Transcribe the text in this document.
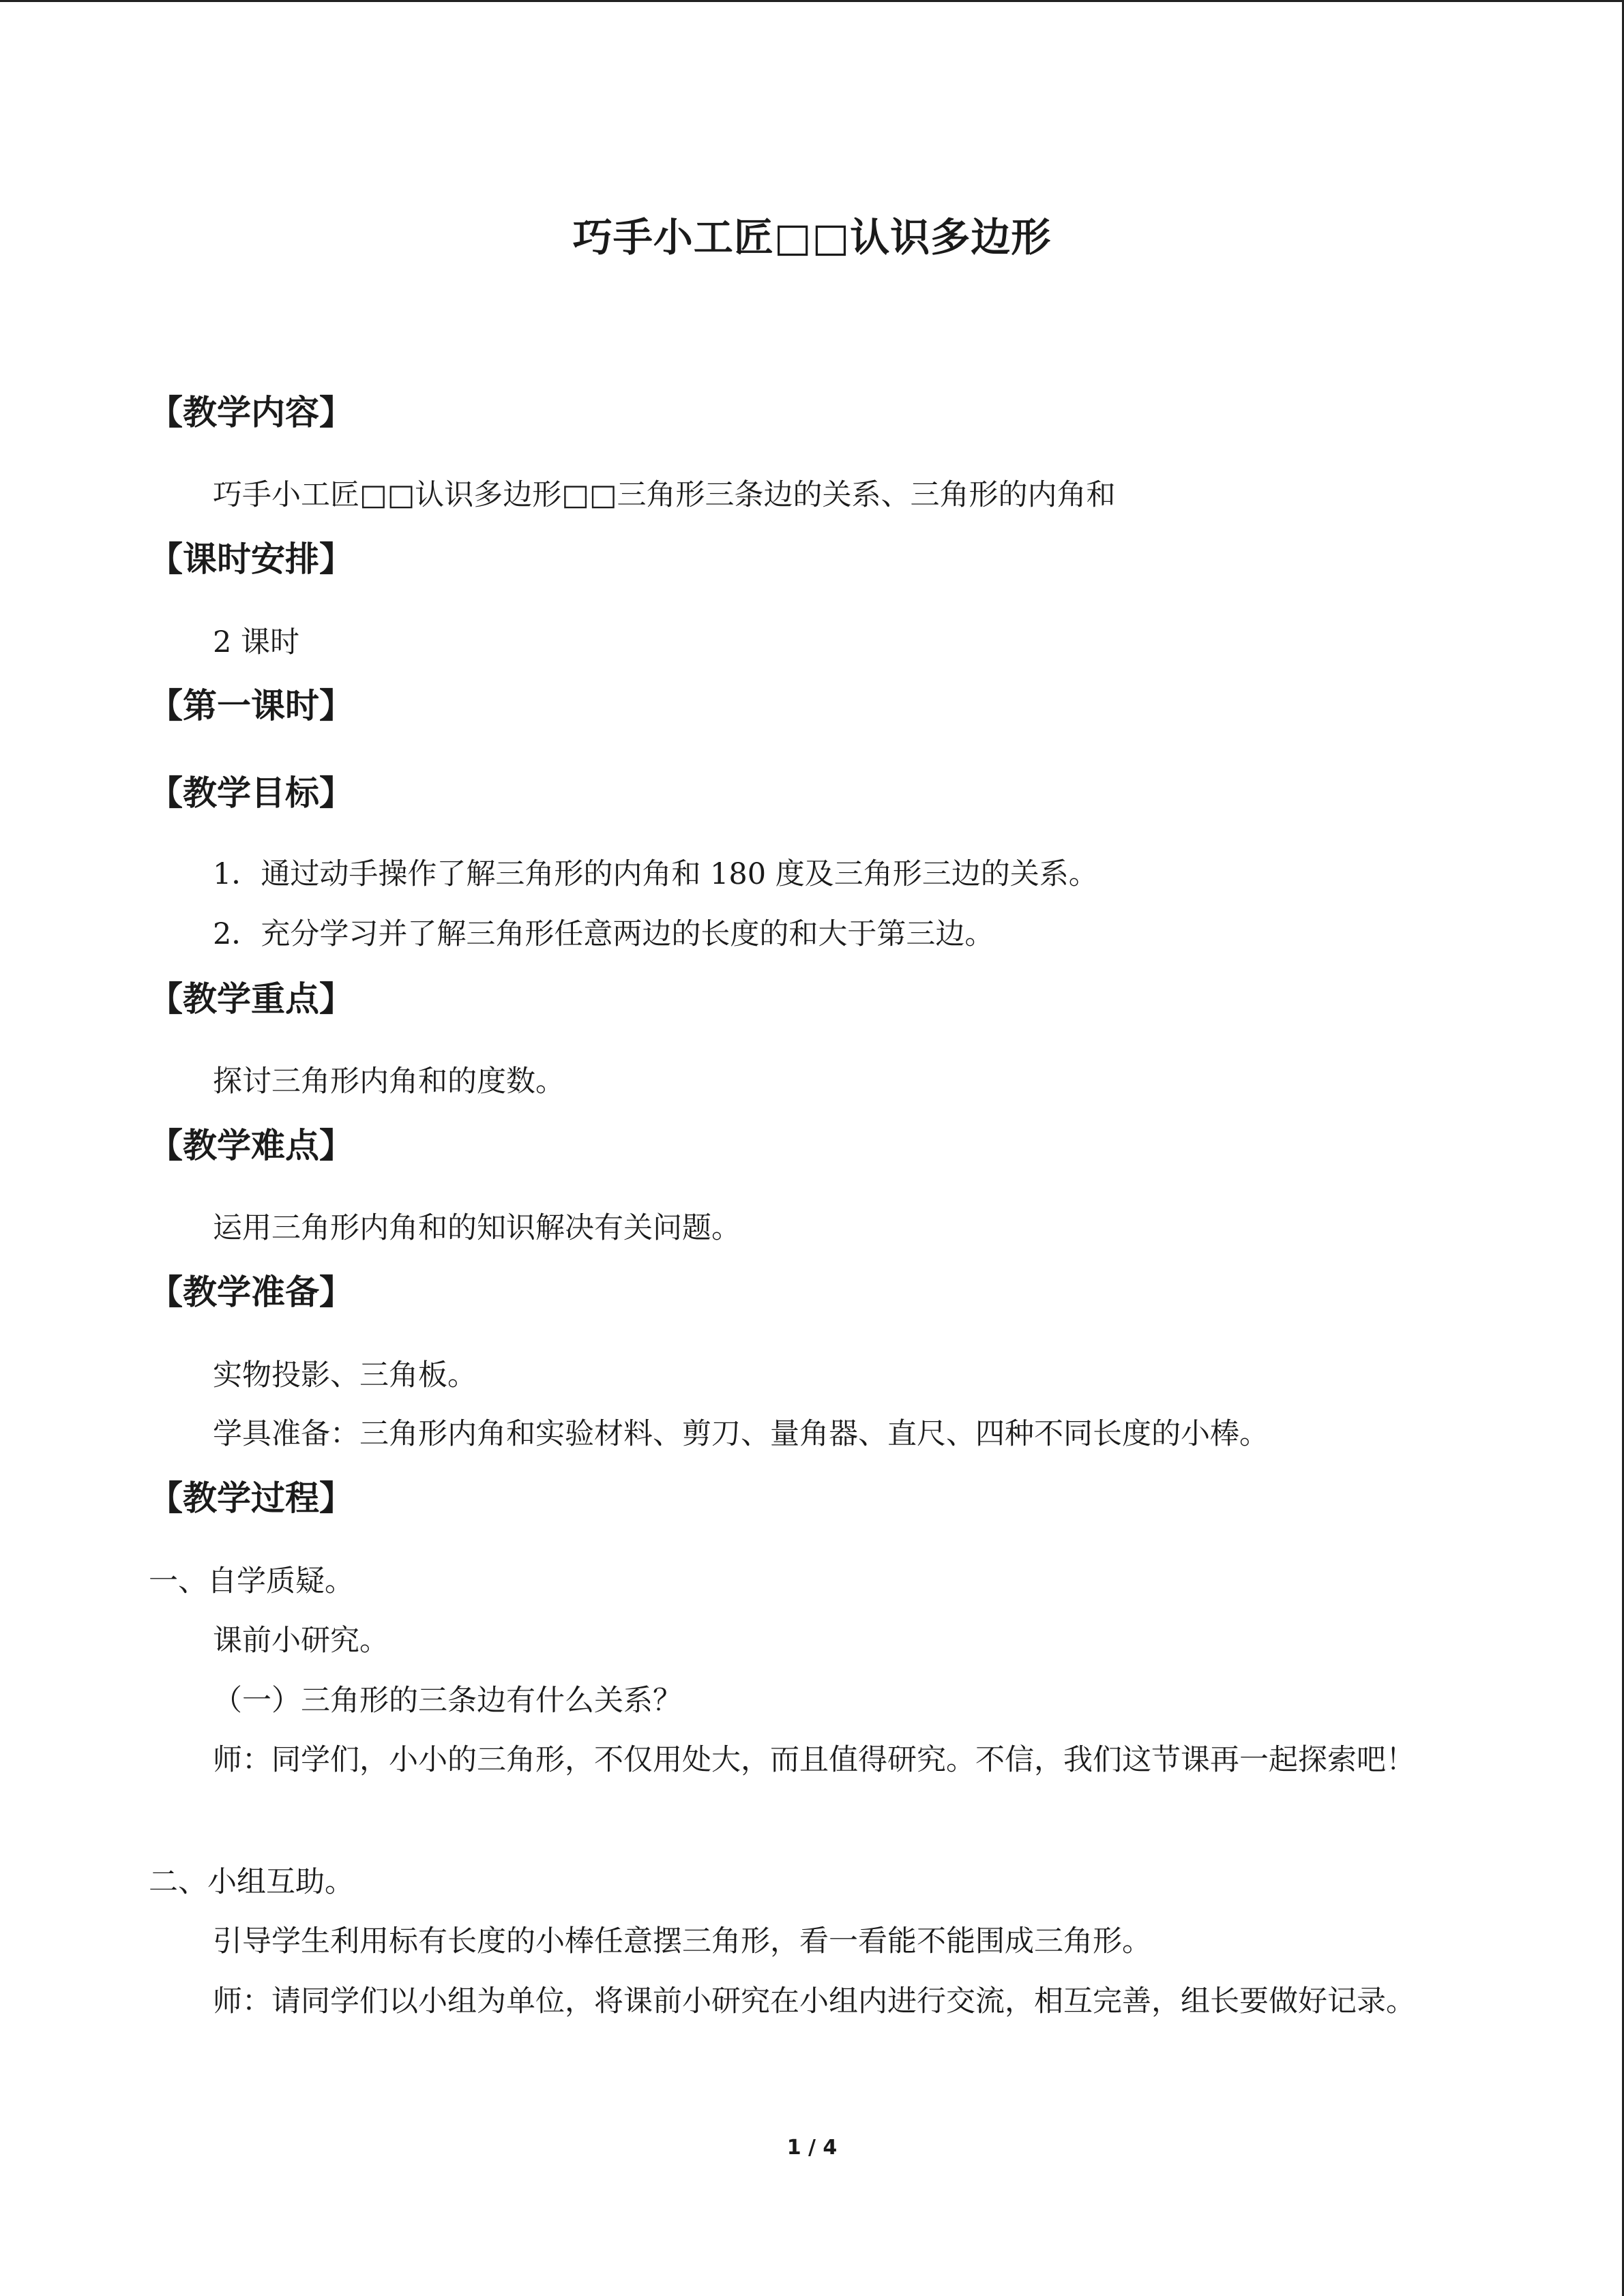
巧手小工匠□□认识多边形
【教学内容】
巧手小工匠□□认识多边形□□三角形三条边的关系、三角形的内角和
【课时安排】
2 课时
【第一课时】
【教学目标】
1．通过动手操作了解三角形的内角和 180 度及三角形三边的关系。
2．充分学习并了解三角形任意两边的长度的和大于第三边。
【教学重点】
探讨三角形内角和的度数。
【教学难点】
运用三角形内角和的知识解决有关问题。
【教学准备】
实物投影、三角板。
学具准备：三角形内角和实验材料、剪刀、量角器、直尺、四种不同长度的小棒。
【教学过程】
一、自学质疑。
课前小研究。
（一）三角形的三条边有什么关系？
师：同学们，小小的三角形，不仅用处大，而且值得研究。不信，我们这节课再一起探索吧！
二、小组互助。
引导学生利用标有长度的小棒任意摆三角形，看一看能不能围成三角形。
师：请同学们以小组为单位，将课前小研究在小组内进行交流，相互完善，组长要做好记录。
1 / 4
